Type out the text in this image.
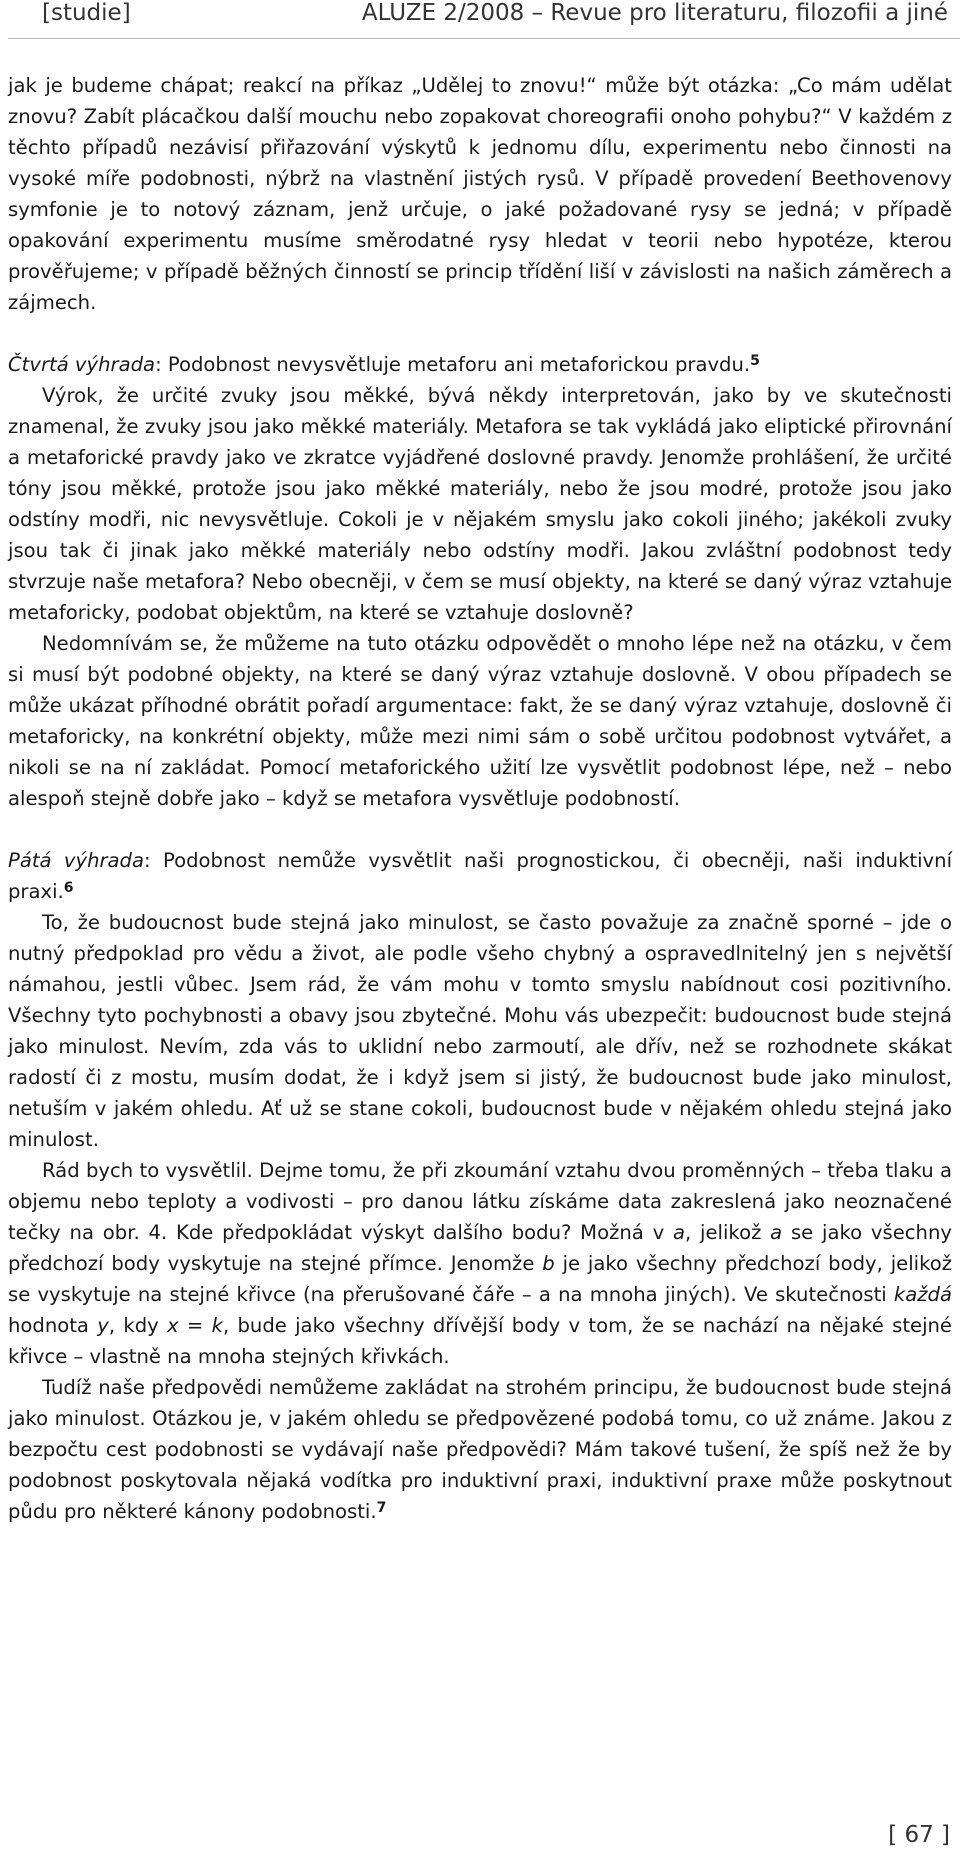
[studie]	ALUZE 2/2008 – Revue pro literaturu, filozofii a jiné

jak je budeme chápat; reakcí na příkaz „Udělej to znovu!“ může být otázka: „Co mám udělat znovu? Zabít plácačkou další mouchu nebo zopakovat choreografii onoho pohybu?“ V každém z těchto případů nezávisí přiřazování výskytů k jednomu dílu, experimentu nebo činnosti na vysoké míře podobnosti, nýbrž na vlastnění jistých rysů. V případě provedení Beethovenovy symfonie je to notový záznam, jenž určuje, o jaké požadované rysy se jedná; v případě opakování experimentu musíme směrodatné rysy hledat v teorii nebo hypotéze, kterou prověřujeme; v případě běžných činností se princip třídění liší v závislosti na našich záměrech a zájmech.

Čtvrtá výhrada: Podobnost nevysvětluje metaforu ani metaforickou pravdu.$^5$

Výrok, že určité zvuky jsou měkké, bývá někdy interpretován, jako by ve skutečnosti znamenal, že zvuky jsou jako měkké materiály. Metafora se tak vykládá jako eliptické přirovnání a metaforické pravdy jako ve zkratce vyjádřené doslovné pravdy. Jenomže prohlášení, že určité tóny jsou měkké, protože jsou jako měkké materiály, nebo že jsou modré, protože jsou jako odstíny modři, nic nevysvětluje. Cokoli je v nějakém smyslu jako cokoli jiného; jakékoli zvuky jsou tak či jinak jako měkké materiály nebo odstíny modři. Jakou zvláštní podobnost tedy stvrzuje naše metafora? Nebo obecněji, v čem se musí objekty, na které se daný výraz vztahuje metaforicky, podobat objektům, na které se vztahuje doslovně?

Nedomnívám se, že můžeme na tuto otázku odpovědět o mnoho lépe než na otázku, v čem si musí být podobné objekty, na které se daný výraz vztahuje doslovně. V obou případech se může ukázat příhodné obrátit pořadí argumentace: fakt, že se daný výraz vztahuje, doslovně či metaforicky, na konkrétní objekty, může mezi nimi sám o sobě určitou podobnost vytvářet, a nikoli se na ní zakládat. Pomocí metaforického užití lze vysvětlit podobnost lépe, než – nebo alespoň stejně dobře jako – když se metafora vysvětluje podobností.

Pátá výhrada: Podobnost nemůže vysvětlit naši prognostickou, či obecněji, naši induktivní praxi.$^6$

To, že budoucnost bude stejná jako minulost, se často považuje za značně sporné – jde o nutný předpoklad pro vědu a život, ale podle všeho chybný a ospravedlnitelný jen s největší námahou, jestli vůbec. Jsem rád, že vám mohu v tomto smyslu nabídnout cosi pozitivního. Všechny tyto pochybnosti a obavy jsou zbytečné. Mohu vás ubezpečit: budoucnost bude stejná jako minulost. Nevím, zda vás to uklidní nebo zarmoutí, ale dřív, než se rozhodnete skákat radostí či z mostu, musím dodat, že i když jsem si jistý, že budoucnost bude jako minulost, netuším v jakém ohledu. Ať už se stane cokoli, budoucnost bude v nějakém ohledu stejná jako minulost.

Rád bych to vysvětlil. Dejme tomu, že při zkoumání vztahu dvou proměnných – třeba tlaku a objemu nebo teploty a vodivosti – pro danou látku získáme data zakreslená jako neoznačené tečky na obr. 4. Kde předpokládat výskyt dalšího bodu? Možná v a, jelikož a se jako všechny předchozí body vyskytuje na stejné přímce. Jenomže b je jako všechny předchozí body, jelikož se vyskytuje na stejné křivce (na přerušované čáře – a na mnoha jiných). Ve skutečnosti každá hodnota y, kdy x = k, bude jako všechny dřívější body v tom, že se nachází na nějaké stejné křivce – vlastně na mnoha stejných křivkách.

Tudíž naše předpovědi nemůžeme zakládat na strohém principu, že budoucnost bude stejná jako minulost. Otázkou je, v jakém ohledu se předpovězené podobá tomu, co už známe. Jakou z bezpočtu cest podobnosti se vydávají naše předpovědi? Mám takové tušení, že spíš než že by podobnost poskytovala nějaká vodítka pro induktivní praxi, induktivní praxe může poskytnout půdu pro některé kánony podobnosti.$^7$

[ 67 ]
